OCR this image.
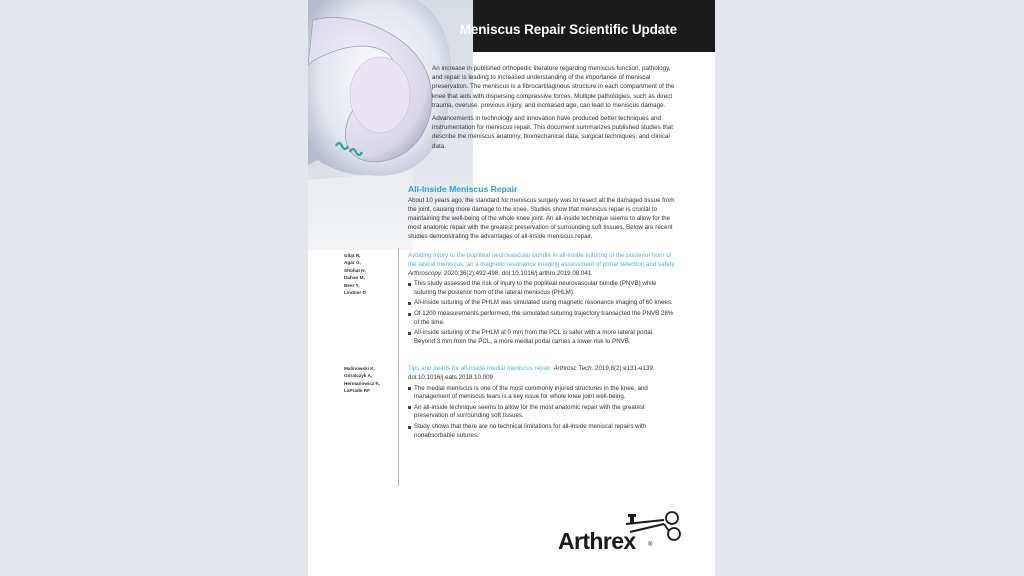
Meniscus Repair Scientific Update

An increase in published orthopedic literature regarding meniscus function, pathology, and repair is leading to increased understanding of the importance of meniscal preservation. The meniscus is a fibrocartilaginous structure in each compartment of the knee that aids with dispersing compressive forces. Multiple pathologies, such as direct trauma, overuse, previous injury, and increased age, can lead to meniscus damage.

Advancements in technology and innovation have produced better techniques and instrumentation for meniscus repair. This document summarizes published studies that describe the meniscus anatomy, biomechanical data, surgical techniques, and clinical data.

All-Inside Meniscus Repair
About 10 years ago, the standard for meniscus surgery was to resect all the damaged tissue from the joint, causing more damage to the knee. Studies show that meniscus repair is crucial to maintaining the well-being of the whole knee joint. An all-inside technique seems to allow for the most anatomic repair with the greatest preservation of surrounding soft tissues. Below are recent studies demonstrating the advantages of all-inside meniscus repair.
Gilat R,
Agar G,
Shohat N,
Dahan M,
Beer Y,
Lindner D
Avoiding injury to the popliteal neurovascular bundle in all-inside suturing of the posterior horn of the lateral meniscus: an a magnetic resonance imaging assessment of portal selection and safety. Arthroscopy. 2020;36(2):492-498. doi:10.1016/j.arthro.2019.08.041
This study assessed the risk of injury to the popliteal neurovascular bundle (PNVB) while suturing the posterior horn of the lateral meniscus (PHLM).
All-inside suturing of the PHLM was simulated using magnetic resonance imaging of 60 knees.
Of 1200 measurements performed, the simulated suturing trajectory transected the PNVB 28% of the time.
All-inside suturing of the PHLM at 0 mm from the PCL is safer with a more lateral portal. Beyond 3 mm from the PCL, a more medial portal carries a lower risk to PNVB.
Malinowski K,
Góralczyk A,
Hermanowicz K,
LaPrade RF
Tips and pearls for all-inside medial meniscus repair. Arthrosc Tech. 2019;8(2):e131-e139. doi:10.1016/j.eats.2018.10.009
The medial meniscus is one of the most commonly injured structures in the knee, and management of meniscus tears is a key issue for whole knee joint well-being.
An all-inside technique seems to allow for the most anatomic repair with the greatest preservation of surrounding soft tissues.
Study shows that there are no technical limitations for all-inside meniscal repairs with nonabsorbable sutures.
Arthrex ®
